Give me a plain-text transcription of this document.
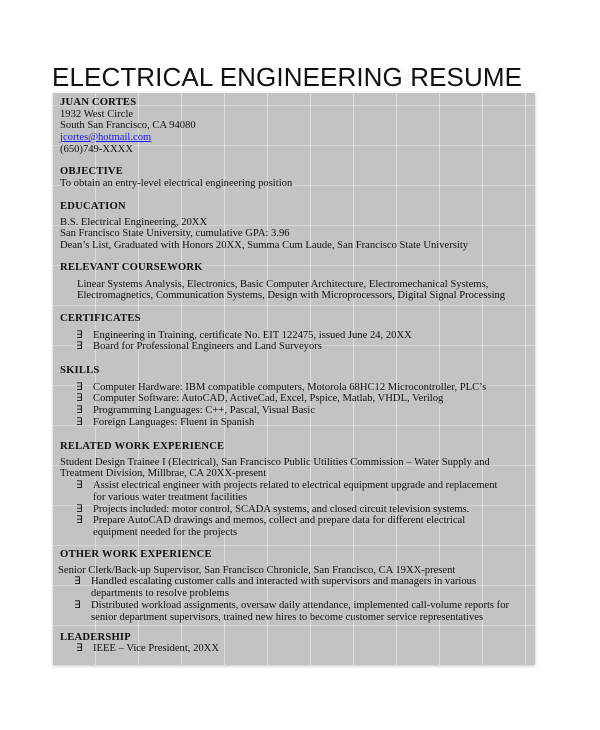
ELECTRICAL ENGINEERING RESUME
JUAN CORTES
1932 West Circle
South San Francisco, CA 94080
jcortes@hotmail.com
(650)749-XXXX
OBJECTIVE
To obtain an entry-level electrical engineering position
EDUCATION
B.S. Electrical Engineering, 20XX
San Francisco State University, cumulative GPA: 3.96
Dean’s List, Graduated with Honors 20XX, Summa Cum Laude, San Francisco State University
RELEVANT COURSEWORK
Linear Systems Analysis, Electronics, Basic Computer Architecture, Electromechanical Systems,
Electromagnetics, Communication Systems, Design with Microprocessors, Digital Signal Processing
CERTIFICATES
∃ Engineering in Training, certificate No. EIT 122475, issued June 24, 20XX
∃ Board for Professional Engineers and Land Surveyors
SKILLS
∃ Computer Hardware: IBM compatible computers, Motorola 68HC12 Microcontroller, PLC’s
∃ Computer Software: AutoCAD, ActiveCad, Excel, Pspice, Matlab, VHDL, Verilog
∃ Programming Languages: C++, Pascal, Visual Basic
∃ Foreign Languages: Fluent in Spanish
RELATED WORK EXPERIENCE
Student Design Trainee I (Electrical), San Francisco Public Utilities Commission – Water Supply and Treatment Division, Millbrae, CA 20XX-present
∃ Assist electrical engineer with projects related to electrical equipment upgrade and replacement for various water treatment facilities
∃ Projects included: motor control, SCADA systems, and closed circuit television systems.
∃ Prepare AutoCAD drawings and memos, collect and prepare data for different electrical equipment needed for the projects
OTHER WORK EXPERIENCE
Senior Clerk/Back-up Supervisor, San Francisco Chronicle, San Francisco, CA 19XX-present
∃ Handled escalating customer calls and interacted with supervisors and managers in various departments to resolve problems
∃ Distributed workload assignments, oversaw daily attendance, implemented call-volume reports for senior department supervisors, trained new hires to become customer service representatives
LEADERSHIP
∃ IEEE – Vice President, 20XX
